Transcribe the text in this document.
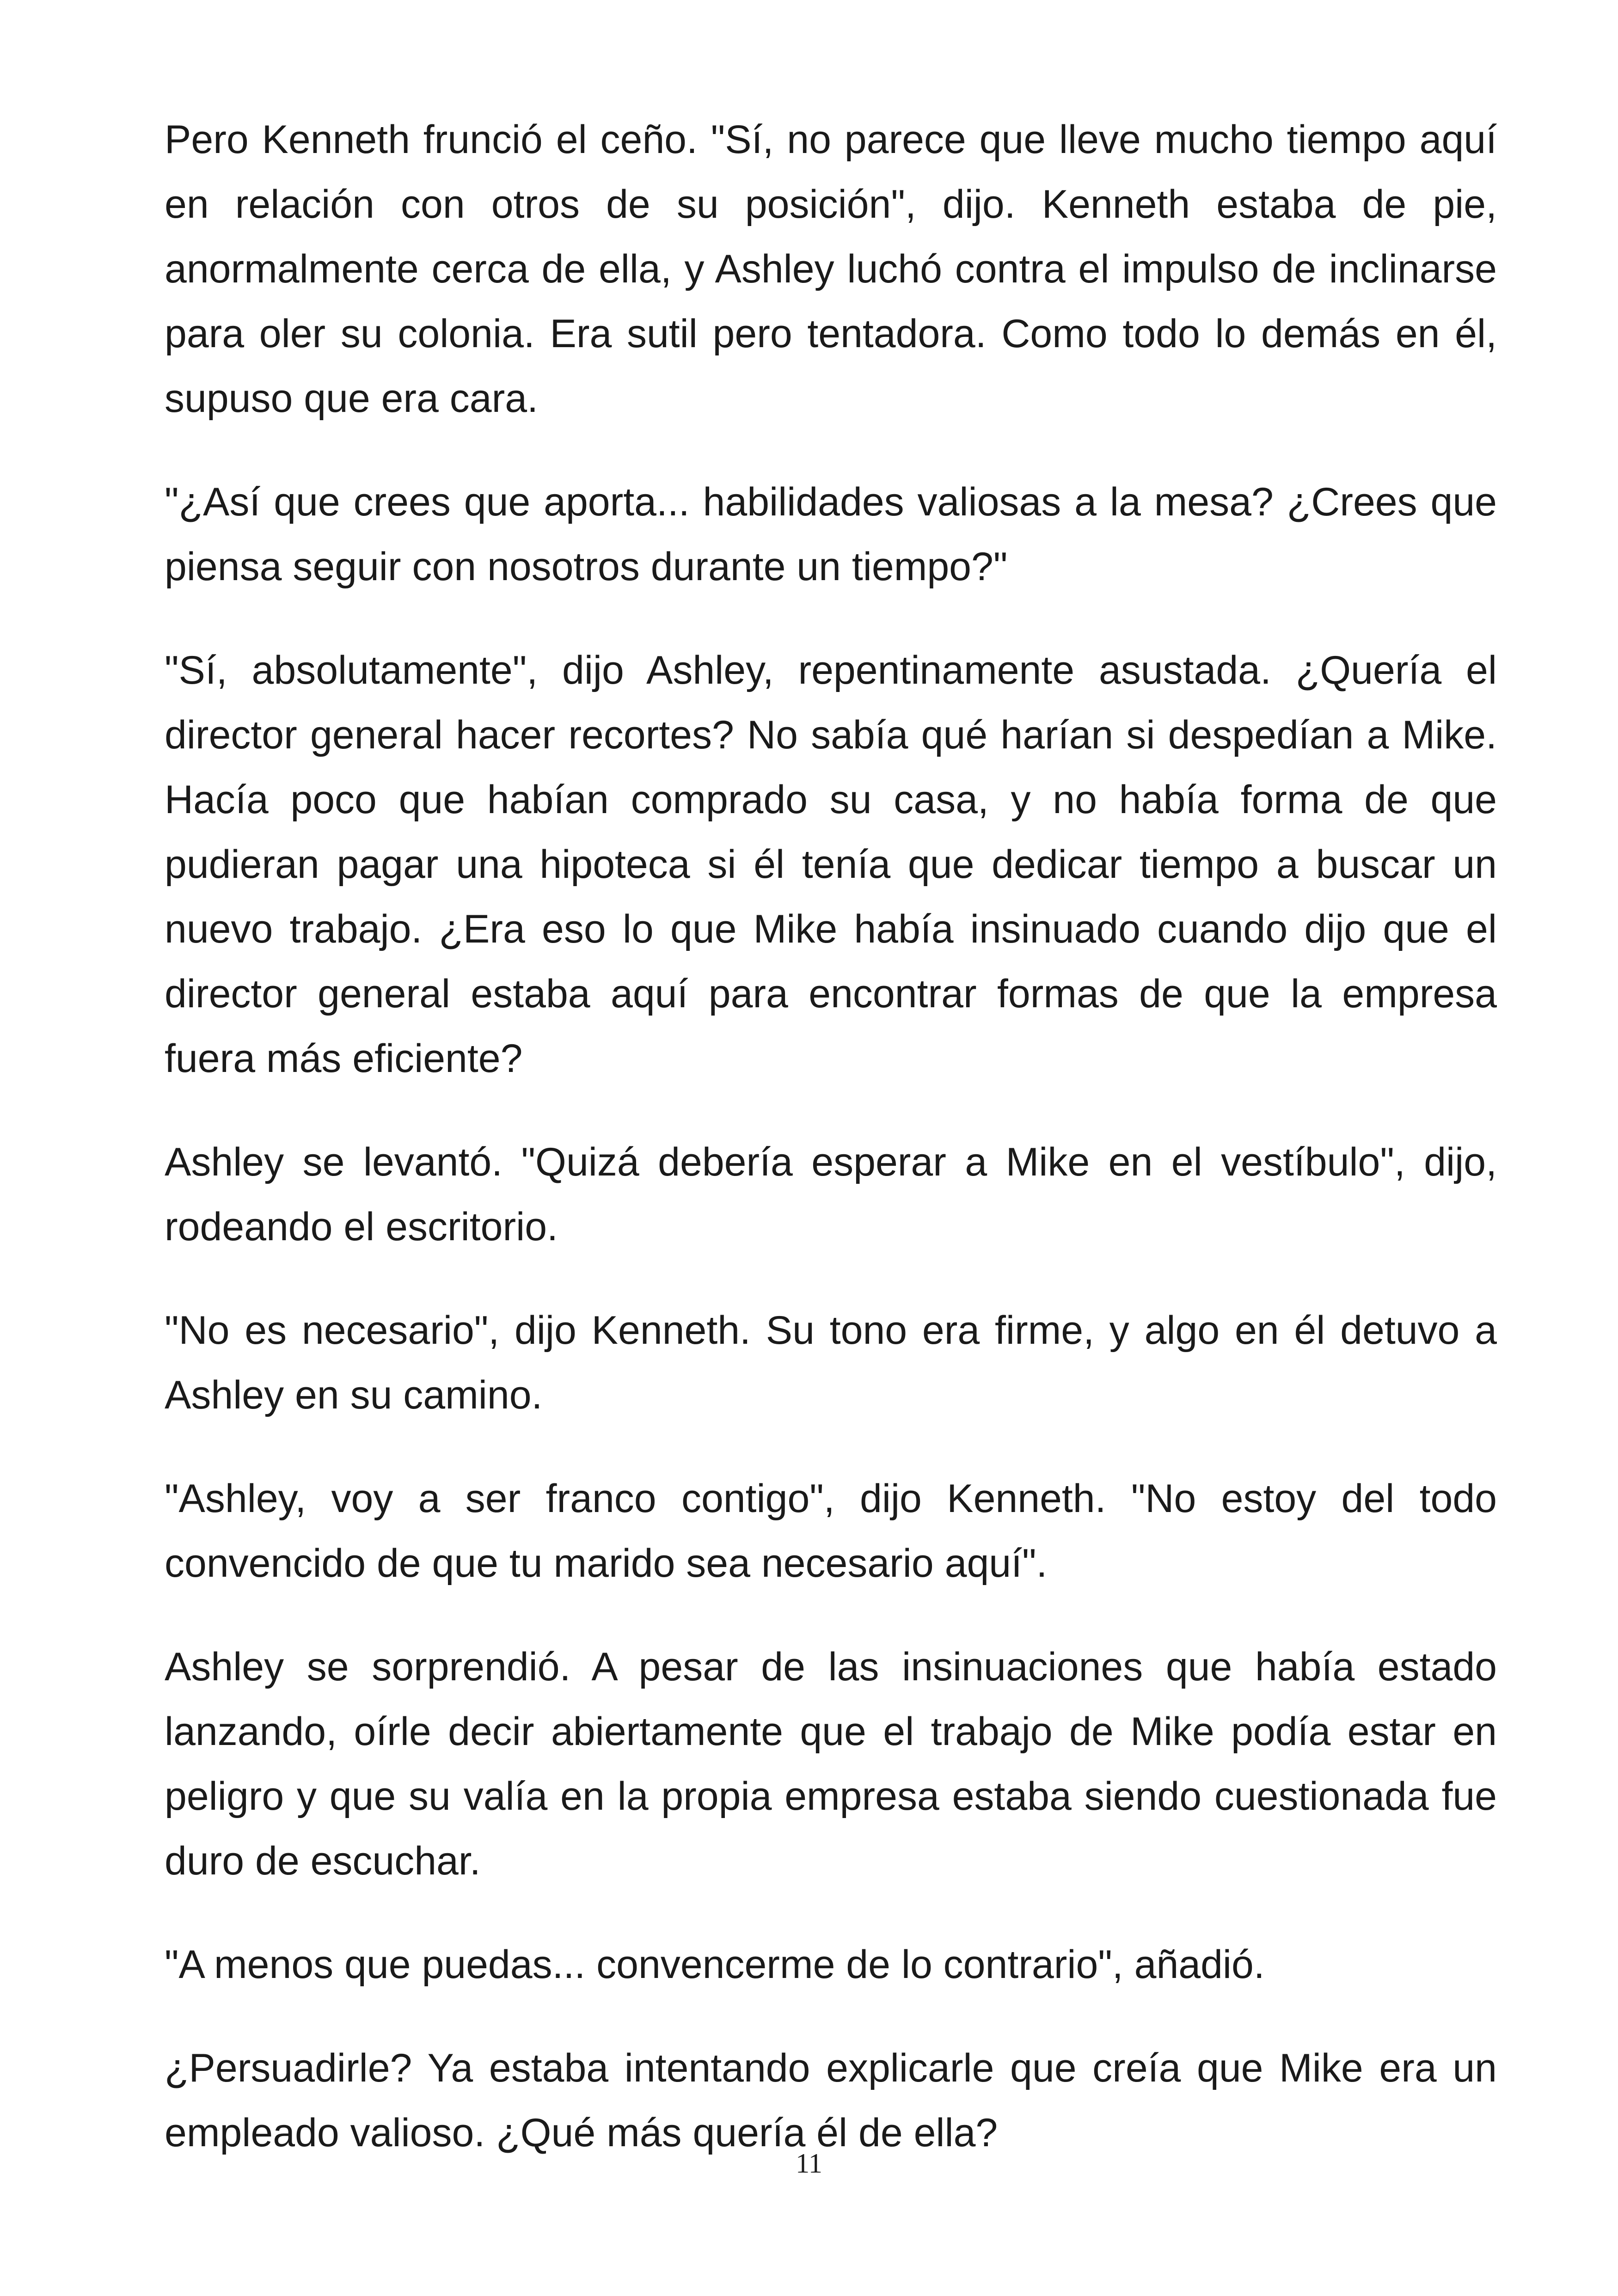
Pero Kenneth frunció el ceño. "Sí, no parece que lleve mucho tiempo aquí en relación con otros de su posición", dijo. Kenneth estaba de pie, anormalmente cerca de ella, y Ashley luchó contra el impulso de inclinarse para oler su colonia. Era sutil pero tentadora. Como todo lo demás en él, supuso que era cara.

"¿Así que crees que aporta... habilidades valiosas a la mesa? ¿Crees que piensa seguir con nosotros durante un tiempo?"

"Sí, absolutamente", dijo Ashley, repentinamente asustada. ¿Quería el director general hacer recortes? No sabía qué harían si despedían a Mike. Hacía poco que habían comprado su casa, y no había forma de que pudieran pagar una hipoteca si él tenía que dedicar tiempo a buscar un nuevo trabajo. ¿Era eso lo que Mike había insinuado cuando dijo que el director general estaba aquí para encontrar formas de que la empresa fuera más eficiente?

Ashley se levantó. "Quizá debería esperar a Mike en el vestíbulo", dijo, rodeando el escritorio.

"No es necesario", dijo Kenneth. Su tono era firme, y algo en él detuvo a Ashley en su camino.

"Ashley, voy a ser franco contigo", dijo Kenneth. "No estoy del todo convencido de que tu marido sea necesario aquí".

Ashley se sorprendió. A pesar de las insinuaciones que había estado lanzando, oírle decir abiertamente que el trabajo de Mike podía estar en peligro y que su valía en la propia empresa estaba siendo cuestionada fue duro de escuchar.

"A menos que puedas... convencerme de lo contrario", añadió.

¿Persuadirle? Ya estaba intentando explicarle que creía que Mike era un empleado valioso. ¿Qué más quería él de ella?

11
